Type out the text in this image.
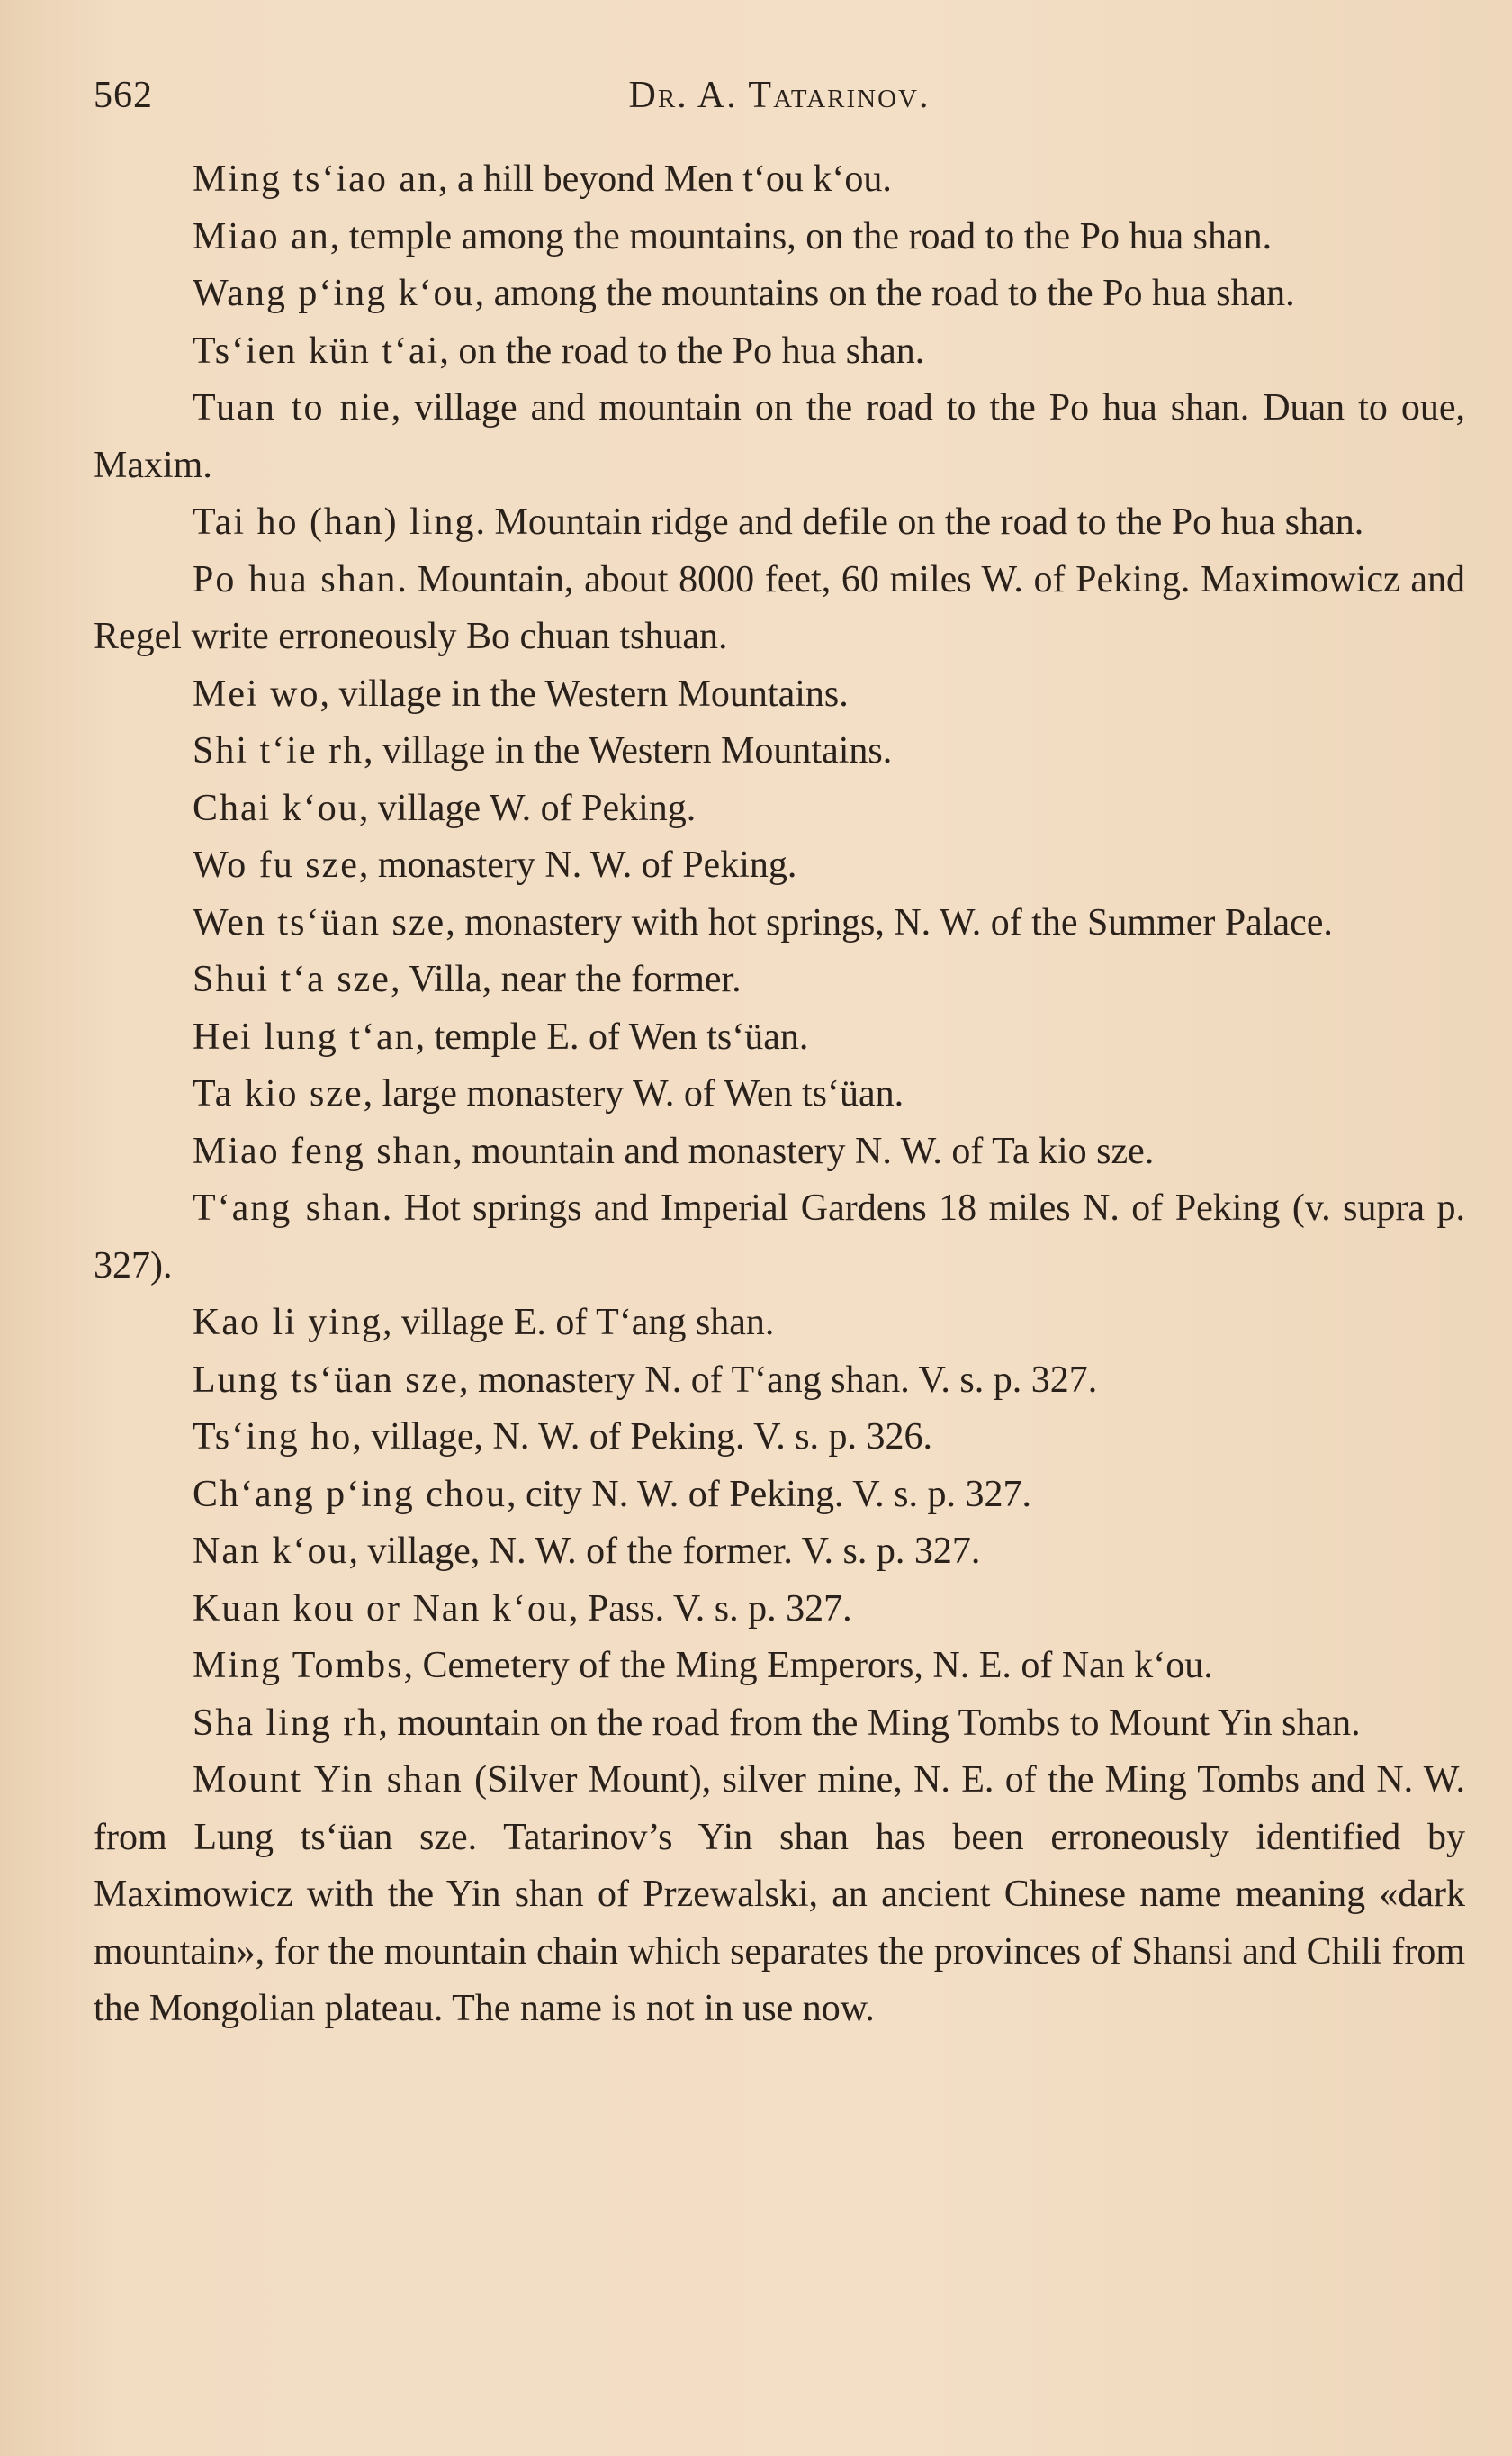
562	Dr. A. Tatarinov.

Ming tsʻiao an, a hill beyond Men tʻou kʻou.

Miao an, temple among the mountains, on the road to the Po hua shan.

Wang pʻing kʻou, among the mountains on the road to the Po hua shan.

Tsʻien kün tʻai, on the road to the Po hua shan.

Tuan to nie, village and mountain on the road to the Po hua shan. Duan to oue, Maxim.

Tai ho (han) ling. Mountain ridge and defile on the road to the Po hua shan.

Po hua shan. Mountain, about 8000 feet, 60 miles W. of Peking. Maximowicz and Regel write erroneously Bo chuan tshuan.

Mei wo, village in the Western Mountains.

Shi tʻie rh, village in the Western Mountains.

Chai kʻou, village W. of Peking.

Wo fu sze, monastery N. W. of Peking.

Wen tsʻüan sze, monastery with hot springs, N. W. of the Summer Palace.

Shui tʻa sze, Villa, near the former.

Hei lung tʻan, temple E. of Wen tsʻüan.

Ta kio sze, large monastery W. of Wen tsʻüan.

Miao feng shan, mountain and monastery N. W. of Ta kio sze.

Tʻang shan. Hot springs and Imperial Gardens 18 miles N. of Peking (v. supra p. 327).

Kao li ying, village E. of Tʻang shan.

Lung tsʻüan sze, monastery N. of Tʻang shan. V. s. p. 327.

Tsʻing ho, village, N. W. of Peking. V. s. p. 326.

Chʻang pʻing chou, city N. W. of Peking. V. s. p. 327.

Nan kʻou, village, N. W. of the former. V. s. p. 327.

Kuan kou or Nan kʻou, Pass. V. s. p. 327.

Ming Tombs, Cemetery of the Ming Emperors, N. E. of Nan kʻou.

Sha ling rh, mountain on the road from the Ming Tombs to Mount Yin shan.

Mount Yin shan (Silver Mount), silver mine, N. E. of the Ming Tombs and N. W. from Lung tsʻüan sze. Tatarinov’s Yin shan has been erroneously identified by Maximowicz with the Yin shan of Przewalski, an ancient Chinese name meaning «dark mountain», for the mountain chain which separates the provinces of Shansi and Chili from the Mongolian plateau. The name is not in use now.
